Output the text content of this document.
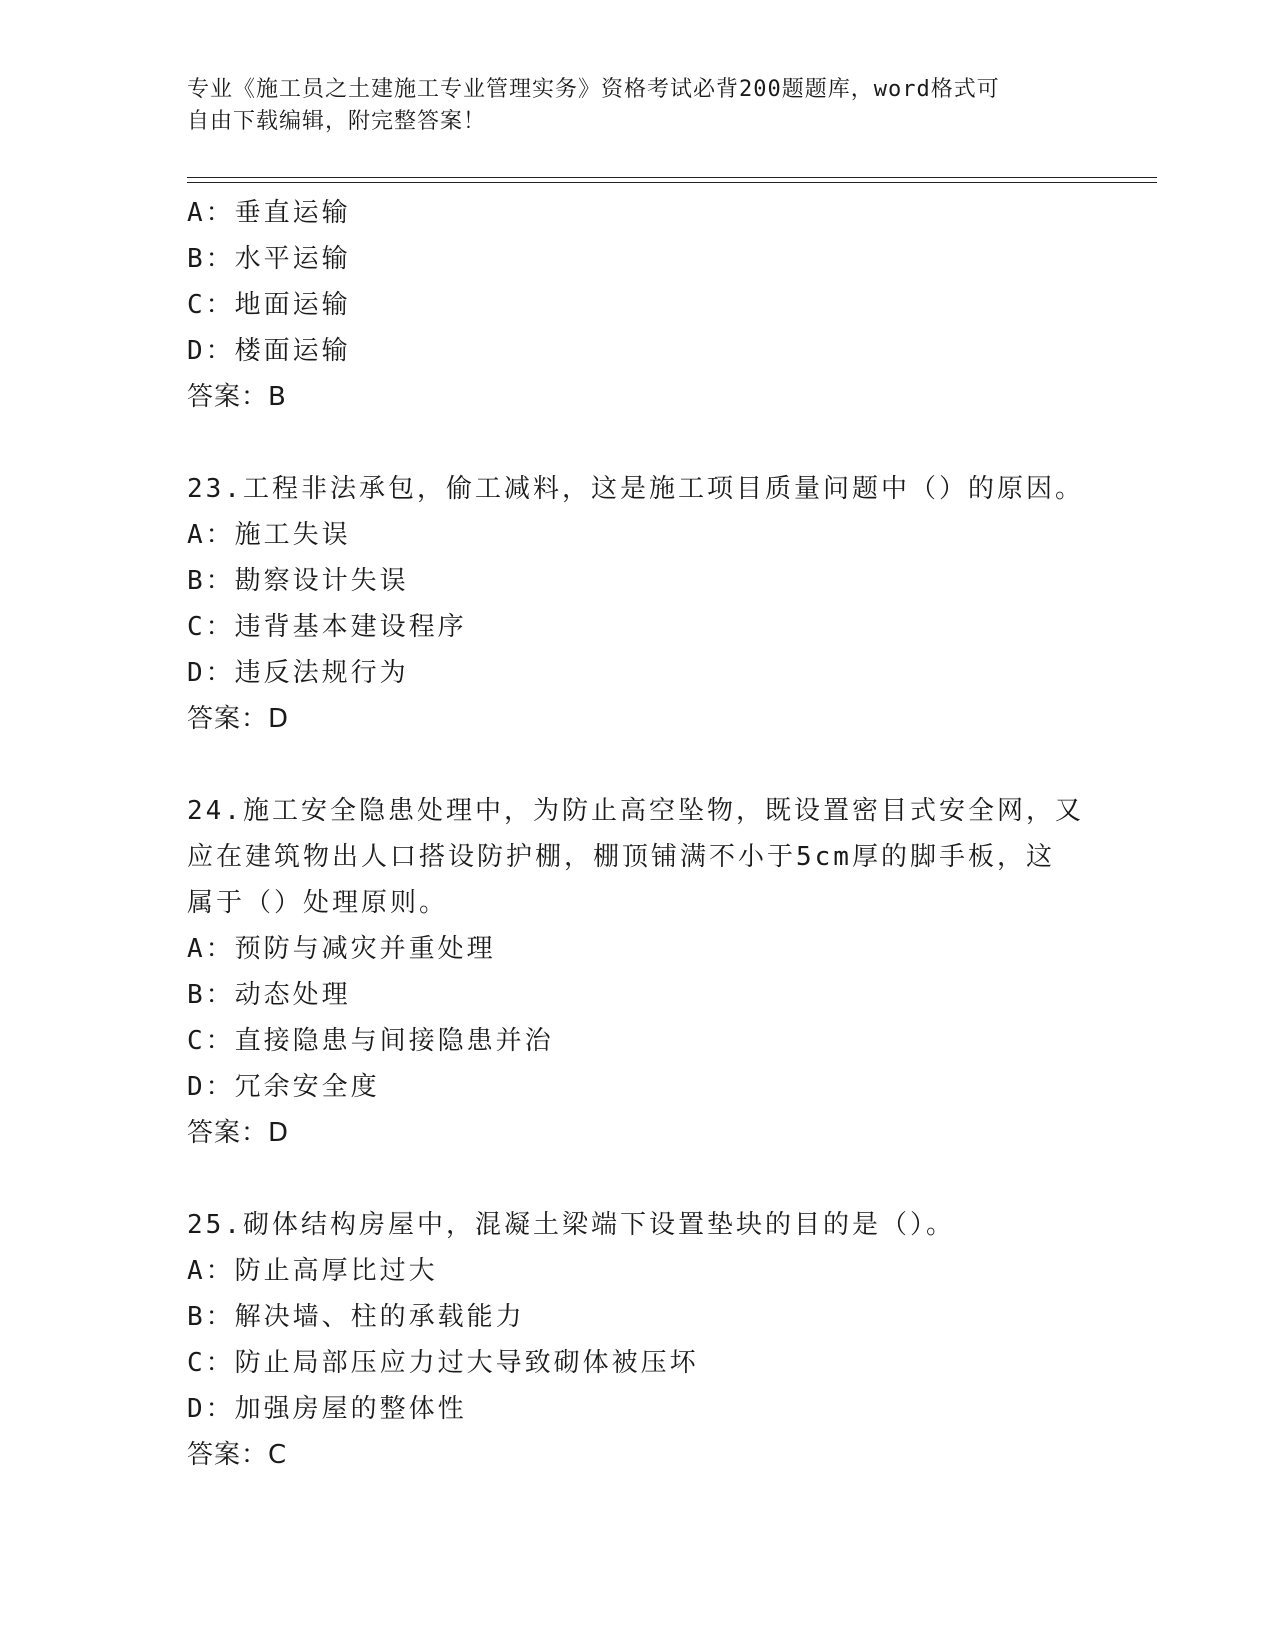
专业《施工员之土建施工专业管理实务》资格考试必背200题题库，word格式可
自由下载编辑，附完整答案！
A：垂直运输
B：水平运输
C：地面运输
D：楼面运输
答案：B
23.工程非法承包，偷工减料，这是施工项目质量问题中（）的原因。
A：施工失误
B：勘察设计失误
C：违背基本建设程序
D：违反法规行为
答案：D
24.施工安全隐患处理中，为防止高空坠物，既设置密目式安全网，又
应在建筑物出人口搭设防护棚，棚顶铺满不小于5cm厚的脚手板，这
属于（）处理原则。
A：预防与减灾并重处理
B：动态处理
C：直接隐患与间接隐患并治
D：冗余安全度
答案：D
25.砌体结构房屋中，混凝土梁端下设置垫块的目的是（）。
A：防止高厚比过大
B：解决墙、柱的承载能力
C：防止局部压应力过大导致砌体被压坏
D：加强房屋的整体性
答案：C
